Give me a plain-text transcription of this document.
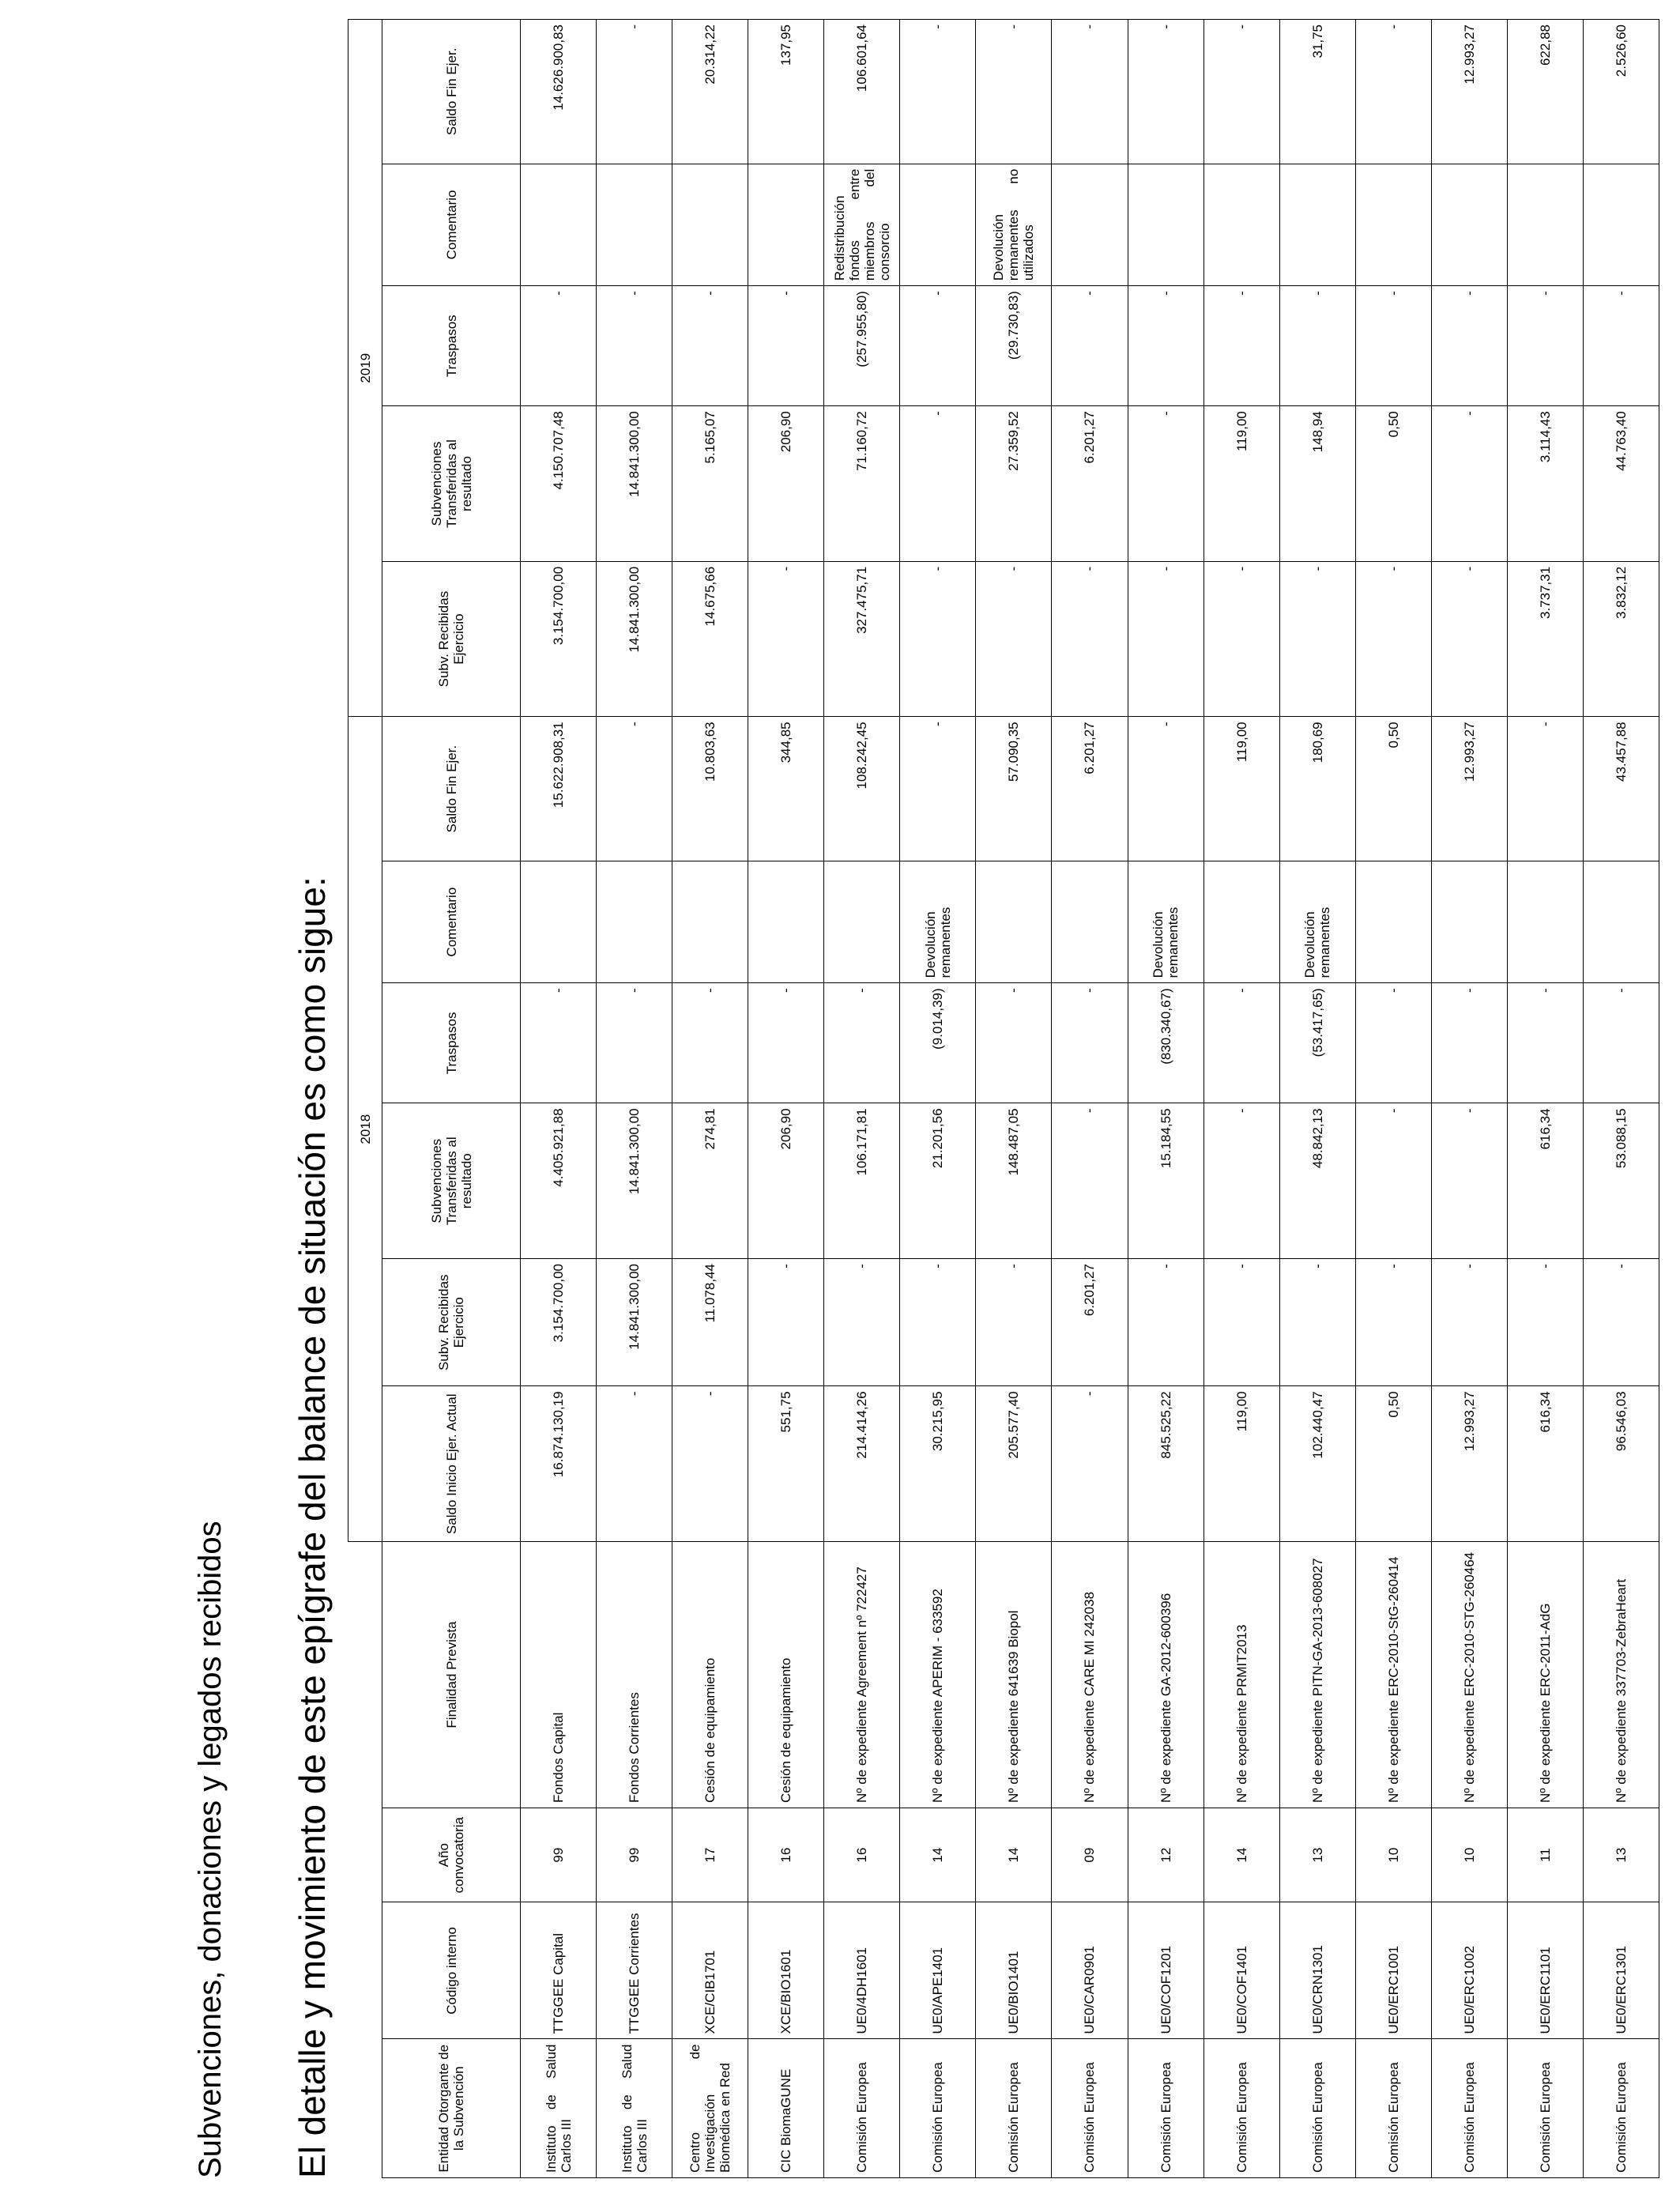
Subvenciones, donaciones y legados recibidos El detalle y movimiento de este epígrafe del balance de situación es como sigue:
				2018						2019				
Entidad Otorgante de la Subvención	Código interno	Año convocatoria	Finalidad Prevista	Saldo Inicio Ejer. Actual	Subv. Recibidas Ejercicio	Subvenciones Transferidas al resultado	Traspasos	Comentario	Saldo Fin Ejer.	Subv. Recibidas Ejercicio	Subvenciones Transferidas al resultado	Traspasos	Comentario	Saldo Fin Ejer.
Instituto de Salud Carlos III	TTGGEE Capital	99	Fondos Capital	16.874.130,19	3.154.700,00	4.405.921,88	-		15.622.908,31	3.154.700,00	4.150.707,48	-		14.626.900,83
Instituto de Salud Carlos III	TTGGEE Corrientes	99	Fondos Corrientes	-	14.841.300,00	14.841.300,00	-		-	14.841.300,00	14.841.300,00	-		-
Centro de Investigación Biomédica en Red	XCE/CIB1701	17	Cesión de equipamiento	-	11.078,44	274,81	-		10.803,63	14.675,66	5.165,07	-		20.314,22
CIC BiomaGUNE	XCE/BIO1601	16	Cesión de equipamiento	551,75	-	206,90	-		344,85	-	206,90	-		137,95
Comisión Europea	UE0/4DH1601	16	Nº de expediente Agreement nº 722427	214.414,26	-	106.171,81	-		108.242,45	327.475,71	71.160,72	(257.955,80)	Redistribución fondos entre miembros del consorcio	106.601,64
Comisión Europea	UE0/APE1401	14	Nº de expediente APERIM - 633592	30.215,95	-	21.201,56	(9.014,39)	Devolución remanentes	-	-	-	-		-
Comisión Europea	UE0/BIO1401	14	Nº de expediente 641639 Biopol	205.577,40	-	148.487,05	-		57.090,35	-	27.359,52	(29.730,83)	Devolución remanentes no utilizados	-
Comisión Europea	UE0/CAR0901	09	Nº de expediente CARE MI 242038	-	6.201,27	-	-		6.201,27	-	6.201,27	-		-
Comisión Europea	UE0/COF1201	12	Nº de expediente GA-2012-600396	845.525,22	-	15.184,55	(830.340,67)	Devolución remanentes	-	-	-	-		-
Comisión Europea	UE0/COF1401	14	Nº de expediente PRMIT2013	119,00	-	-	-		119,00	-	119,00	-		-
Comisión Europea	UE0/CRN1301	13	Nº de expediente PITN-GA-2013-608027	102.440,47	-	48.842,13	(53.417,65)	Devolución remanentes	180,69	-	148,94	-		31,75
Comisión Europea	UE0/ERC1001	10	Nº de expediente ERC-2010-StG-260414	0,50	-	-	-		0,50	-	0,50	-		-
Comisión Europea	UE0/ERC1002	10	Nº de expediente ERC-2010-STG-260464	12.993,27	-	-	-		12.993,27	-	-	-		12.993,27
Comisión Europea	UE0/ERC1101	11	Nº de expediente ERC-2011-AdG	616,34	-	616,34	-		-	3.737,31	3.114,43	-		622,88
Comisión Europea	UE0/ERC1301	13	Nº de expediente 337703-ZebraHeart	96.546,03	-	53.088,15	-		43.457,88	3.832,12	44.763,40	-		2.526,60
